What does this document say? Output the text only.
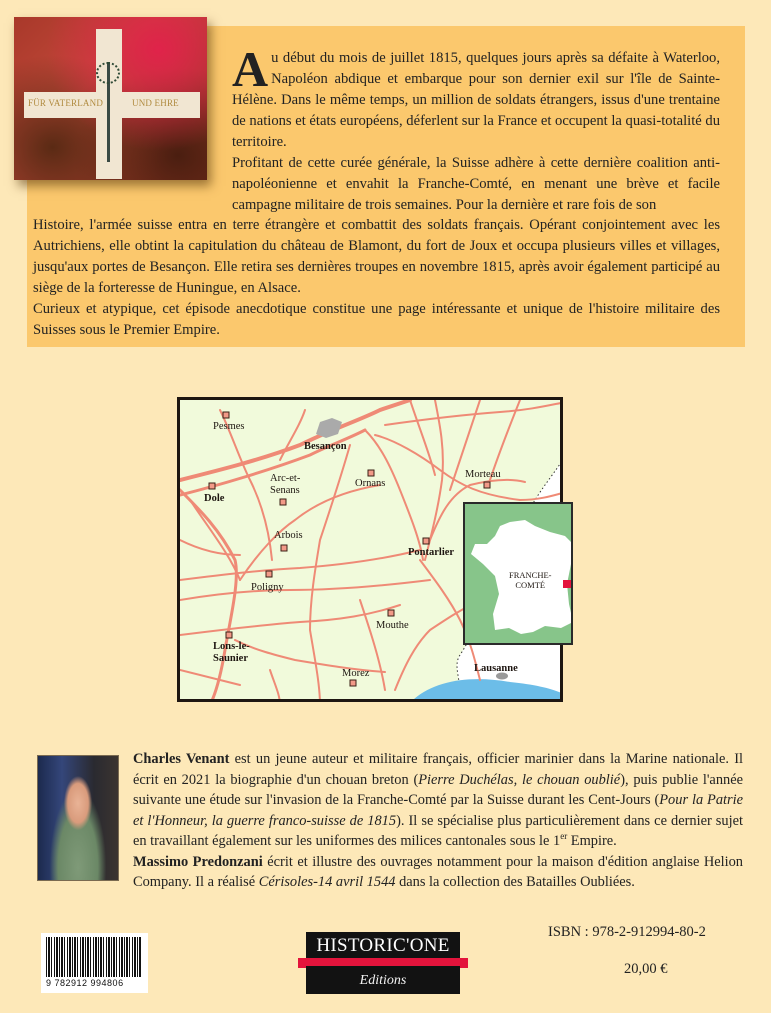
FÜR VATERLAND	UND EHRE
A u début du mois de juillet 1815, quelques jours après sa défaite à Waterloo, Napoléon abdique et embarque pour son dernier exil sur l'île de Sainte-Hélène. Dans le même temps, un million de soldats étrangers, issus d'une trentaine de nations et états européens, déferlent sur la France et occupent la quasi-totalité du territoire.
Profitant de cette curée générale, la Suisse adhère à cette dernière coalition anti-napoléonienne et envahit la Franche-Comté, en menant une brève et facile campagne militaire de trois semaines. Pour la dernière et rare fois de son
Histoire, l'armée suisse entra en terre étrangère et combattit des soldats français. Opérant conjointement avec les Autrichiens, elle obtint la capitulation du château de Blamont, du fort de Joux et occupa plusieurs villes et villages, jusqu'aux portes de Besançon. Elle retira ses dernières troupes en novembre 1815, après avoir également participé au siège de la forteresse de Huningue, en Alsace.
Curieux et atypique, cet épisode anecdotique constitue une page intéressante et unique de l'histoire militaire des Suisses sous le Premier Empire.
Pesmes
Besançon
Dole
Arc-et-
Senans
Ornans
Morteau
Arbois
Pontarlier
Poligny
Mouthe
Lons-le-
Saunier
Morez
FRANCHE-
COMTÉ
Lausanne
Charles Venant est un jeune auteur et militaire français, officier marinier dans la Marine nationale. Il écrit en 2021 la biographie d'un chouan breton (Pierre Duchélas, le chouan oublié), puis publie l'année suivante une étude sur l'invasion de la Franche-Comté par la Suisse durant les Cent-Jours (Pour la Patrie et l'Honneur, la guerre franco-suisse de 1815). Il se spécialise plus particulièrement dans ce dernier sujet en travaillant également sur les uniformes des milices cantonales sous le 1er Empire.
Massimo Predonzani écrit et illustre des ouvrages notamment pour la maison d'édition anglaise Helion Company. Il a réalisé Cérisoles-14 avril 1544 dans la collection des Batailles Oubliées.
9 782912 994806
HISTORIC'ONE
Editions
ISBN : 978-2-912994-80-2
20,00 €
